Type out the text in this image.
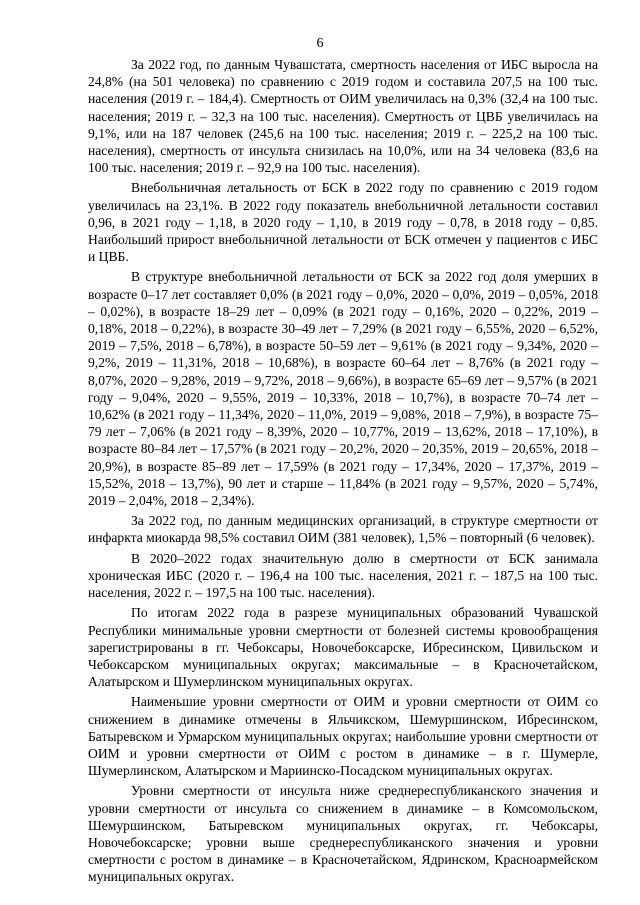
6

За 2022 год, по данным Чувашстата, смертность населения от ИБС выросла на 24,8% (на 501 человека) по сравнению с 2019 годом и составила 207,5 на 100 тыс. населения (2019 г. – 184,4). Смертность от ОИМ увеличилась на 0,3% (32,4 на 100 тыс. населения; 2019 г. – 32,3 на 100 тыс. населения). Смертность от ЦВБ увеличилась на 9,1%, или на 187 человек (245,6 на 100 тыс. населения; 2019 г. – 225,2 на 100 тыс. населения), смертность от инсульта снизилась на 10,0%, или на 34 человека (83,6 на 100 тыс. населения; 2019 г. – 92,9 на 100 тыс. населения).

Внебольничная летальность от БСК в 2022 году по сравнению с 2019 годом увеличилась на 23,1%. В 2022 году показатель внебольничной летальности составил 0,96, в 2021 году – 1,18, в 2020 году – 1,10, в 2019 году – 0,78, в 2018 году – 0,85. Наибольший прирост внебольничной летальности от БСК отмечен у пациентов с ИБС и ЦВБ.

В структуре внебольничной летальности от БСК за 2022 год доля умерших в возрасте 0–17 лет составляет 0,0% (в 2021 году – 0,0%, 2020 – 0,0%, 2019 – 0,05%, 2018 – 0,02%), в возрасте 18–29 лет – 0,09% (в 2021 году – 0,16%, 2020 – 0,22%, 2019 – 0,18%, 2018 – 0,22%), в возрасте 30–49 лет – 7,29% (в 2021 году – 6,55%, 2020 – 6,52%, 2019 – 7,5%, 2018 – 6,78%), в возрасте 50–59 лет – 9,61% (в 2021 году – 9,34%, 2020 – 9,2%, 2019 – 11,31%, 2018 – 10,68%), в возрасте 60–64 лет – 8,76% (в 2021 году – 8,07%, 2020 – 9,28%, 2019 – 9,72%, 2018 – 9,66%), в возрасте 65–69 лет – 9,57% (в 2021 году – 9,04%, 2020 – 9,55%, 2019 – 10,33%, 2018 – 10,7%), в возрасте 70–74 лет – 10,62% (в 2021 году – 11,34%, 2020 – 11,0%, 2019 – 9,08%, 2018 – 7,9%), в возрасте 75–79 лет – 7,06% (в 2021 году – 8,39%, 2020 – 10,77%, 2019 – 13,62%, 2018 – 17,10%), в возрасте 80–84 лет – 17,57% (в 2021 году – 20,2%, 2020 – 20,35%, 2019 – 20,65%, 2018 – 20,9%), в возрасте 85–89 лет – 17,59% (в 2021 году – 17,34%, 2020 – 17,37%, 2019 – 15,52%, 2018 – 13,7%), 90 лет и старше – 11,84% (в 2021 году – 9,57%, 2020 – 5,74%, 2019 – 2,04%, 2018 – 2,34%).

За 2022 год, по данным медицинских организаций, в структуре смертности от инфаркта миокарда 98,5% составил ОИМ (381 человек), 1,5% – повторный (6 человек).

В 2020–2022 годах значительную долю в смертности от БСК занимала хроническая ИБС (2020 г. – 196,4 на 100 тыс. населения, 2021 г. – 187,5 на 100 тыс. населения, 2022 г. – 197,5 на 100 тыс. населения).

По итогам 2022 года в разрезе муниципальных образований Чувашской Республики минимальные уровни смертности от болезней системы кровообращения зарегистрированы в гг. Чебоксары, Новочебоксарске, Ибресинском, Цивильском и Чебоксарском муниципальных округах; максимальные – в Красночетайском, Алатырском и Шумерлинском муниципальных округах.

Наименьшие уровни смертности от ОИМ и уровни смертности от ОИМ со снижением в динамике отмечены в Яльчикском, Шемуршинском, Ибресинском, Батыревском и Урмарском муниципальных округах; наибольшие уровни смертности от ОИМ и уровни смертности от ОИМ с ростом в динамике – в г. Шумерле, Шумерлинском, Алатырском и Мариинско-Посадском муниципальных округах.

Уровни смертности от инсульта ниже среднереспубликанского значения и уровни смертности от инсульта со снижением в динамике – в Комсомольском, Шемуршинском, Батыревском муниципальных округах, гг. Чебоксары, Новочебоксарске; уровни выше среднереспубликанского значения и уровни смертности с ростом в динамике – в Красночетайском, Ядринском, Красноармейском муниципальных округах.
